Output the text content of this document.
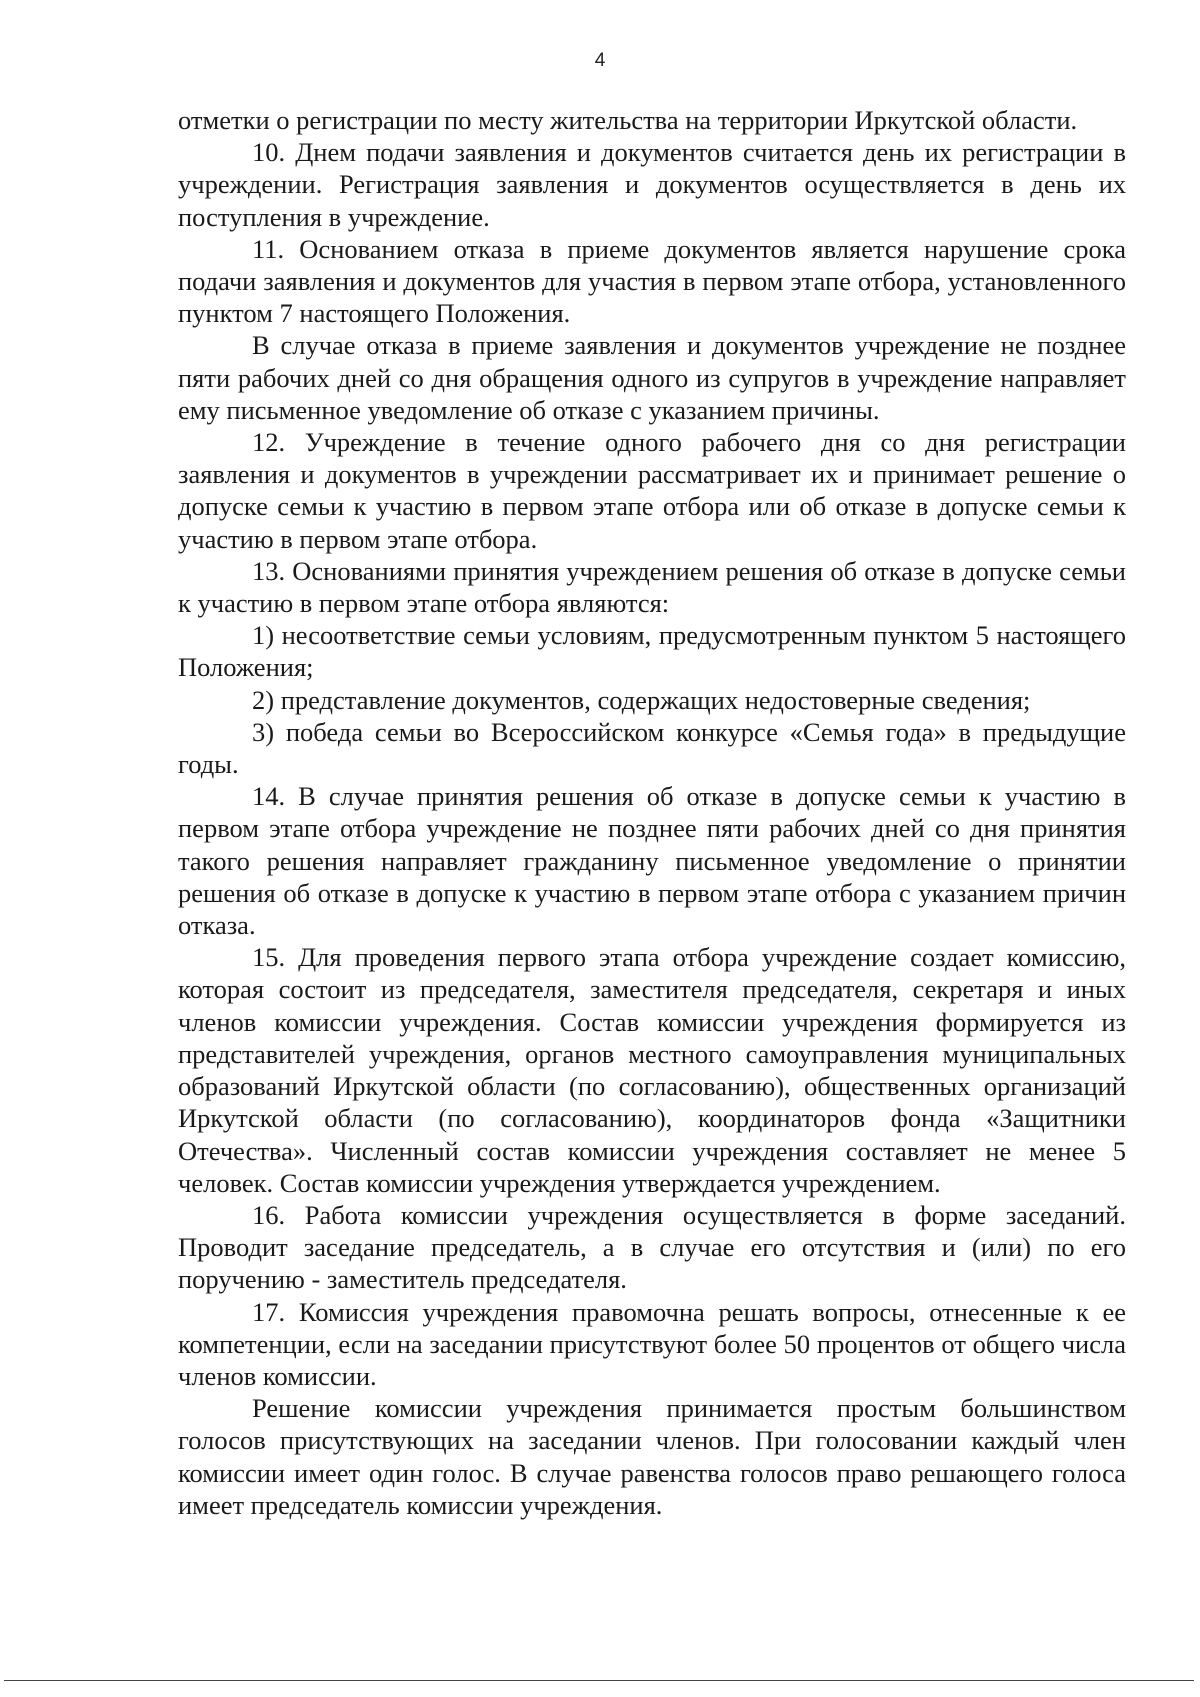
4

отметки о регистрации по месту жительства на территории Иркутской области.

10. Днем подачи заявления и документов считается день их регистрации в учреждении. Регистрация заявления и документов осуществляется в день их поступления в учреждение.

11. Основанием отказа в приеме документов является нарушение срока подачи заявления и документов для участия в первом этапе отбора, установленного пунктом 7 настоящего Положения.

В случае отказа в приеме заявления и документов учреждение не позднее пяти рабочих дней со дня обращения одного из супругов в учреждение направляет ему письменное уведомление об отказе с указанием причины.

12. Учреждение в течение одного рабочего дня со дня регистрации заявления и документов в учреждении рассматривает их и принимает решение о допуске семьи к участию в первом этапе отбора или об отказе в допуске семьи к участию в первом этапе отбора.

13. Основаниями принятия учреждением решения об отказе в допуске семьи к участию в первом этапе отбора являются:

1) несоответствие семьи условиям, предусмотренным пунктом 5 настоящего Положения;

2) представление документов, содержащих недостоверные сведения;

3) победа семьи во Всероссийском конкурсе «Семья года» в предыдущие годы.

14. В случае принятия решения об отказе в допуске семьи к участию в первом этапе отбора учреждение не позднее пяти рабочих дней со дня принятия такого решения направляет гражданину письменное уведомление о принятии решения об отказе в допуске к участию в первом этапе отбора с указанием причин отказа.

15. Для проведения первого этапа отбора учреждение создает комиссию, которая состоит из председателя, заместителя председателя, секретаря и иных членов комиссии учреждения. Состав комиссии учреждения формируется из представителей учреждения, органов местного самоуправления муниципальных образований Иркутской области (по согласованию), общественных организаций Иркутской области (по согласованию), координаторов фонда «Защитники Отечества». Численный состав комиссии учреждения составляет не менее 5 человек. Состав комиссии учреждения утверждается учреждением.

16. Работа комиссии учреждения осуществляется в форме заседаний. Проводит заседание председатель, а в случае его отсутствия и (или) по его поручению - заместитель председателя.

17. Комиссия учреждения правомочна решать вопросы, отнесенные к ее компетенции, если на заседании присутствуют более 50 процентов от общего числа членов комиссии.

Решение комиссии учреждения принимается простым большинством голосов присутствующих на заседании членов. При голосовании каждый член комиссии имеет один голос. В случае равенства голосов право решающего голоса имеет председатель комиссии учреждения.
